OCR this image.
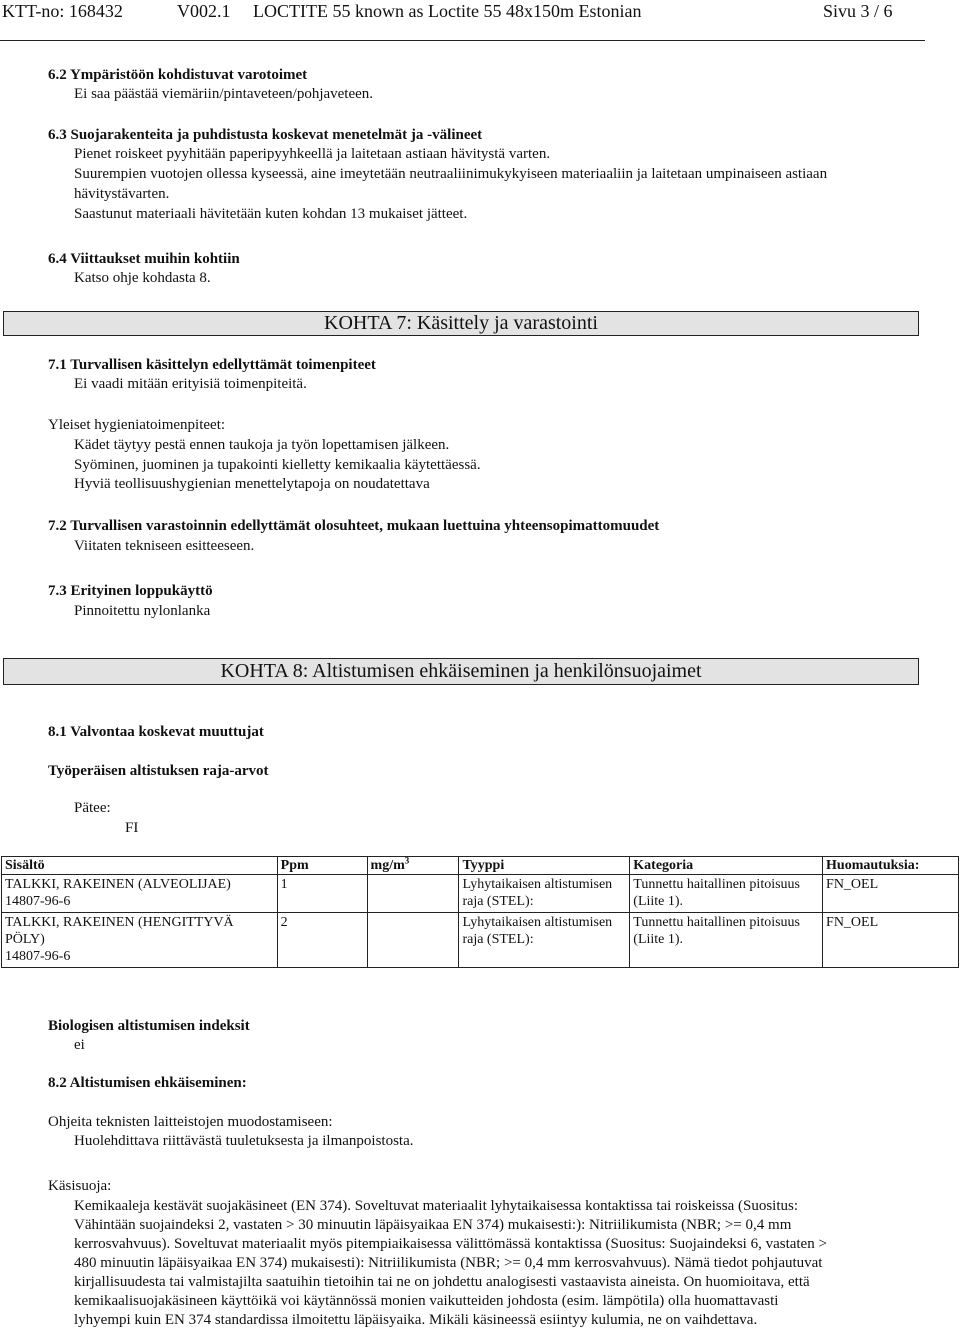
KTT-no: 168432	V002.1 LOCTITE 55 known as Loctite 55 48x150m Estonian	Sivu 3 / 6
6.2 Ympäristöön kohdistuvat varotoimet
Ei saa päästää viemäriin/pintaveteen/pohjaveteen.
6.3 Suojarakenteita ja puhdistusta koskevat menetelmät ja -välineet
Pienet roiskeet pyyhitään paperipyyhkeellä ja laitetaan astiaan hävitystä varten.
Suurempien vuotojen ollessa kyseessä, aine imeytetään neutraaliinimukykyiseen materiaaliin ja laitetaan umpinaiseen astiaan
hävitystävarten.
Saastunut materiaali hävitetään kuten kohdan 13 mukaiset jätteet.
6.4 Viittaukset muihin kohtiin
Katso ohje kohdasta 8.
KOHTA 7: Käsittely ja varastointi
7.1 Turvallisen käsittelyn edellyttämät toimenpiteet
Ei vaadi mitään erityisiä toimenpiteitä.
Yleiset hygieniatoimenpiteet:
Kädet täytyy pestä ennen taukoja ja työn lopettamisen jälkeen.
Syöminen, juominen ja tupakointi kielletty kemikaalia käytettäessä.
Hyviä teollisuushygienian menettelytapoja on noudatettava
7.2 Turvallisen varastoinnin edellyttämät olosuhteet, mukaan luettuina yhteensopimattomuudet
Viitaten tekniseen esitteeseen.
7.3 Erityinen loppukäyttö
Pinnoitettu nylonlanka
KOHTA 8: Altistumisen ehkäiseminen ja henkilönsuojaimet
8.1 Valvontaa koskevat muuttujat
Työperäisen altistuksen raja-arvot
Pätee:
FI
Sisältö	Ppm	$mg/m^3$	Tyyppi	Kategoria	Huomautuksia:

TALKKI, RAKEINEN (ALVEOLIJAE)
14807-96-6	1		Lyhytaikaisen altistumisen raja (STEL):	Tunnettu haitallinen pitoisuus (Liite 1).	FN_OEL

TALKKI, RAKEINEN (HENGITTYVÄ PÖLY)
14807-96-6	2		Lyhytaikaisen altistumisen raja (STEL):	Tunnettu haitallinen pitoisuus (Liite 1).	FN_OEL
Biologisen altistumisen indeksit
ei
8.2 Altistumisen ehkäiseminen:
Ohjeita teknisten laitteistojen muodostamiseen:
Huolehdittava riittävästä tuuletuksesta ja ilmanpoistosta.
Käsisuoja:
Kemikaaleja kestävät suojakäsineet (EN 374). Soveltuvat materiaalit lyhytaikaisessa kontaktissa tai roiskeissa (Suositus:
Vähintään suojaindeksi 2, vastaten > 30 minuutin läpäisyaikaa EN 374) mukaisesti:): Nitriilikumista (NBR; >= 0,4 mm
kerrosvahvuus). Soveltuvat materiaalit myös pitempiaikaisessa välittömässä kontaktissa (Suositus: Suojaindeksi 6, vastaten >
480 minuutin läpäisyaikaa EN 374) mukaisesti): Nitriilikumista (NBR; >= 0,4 mm kerrosvahvuus). Nämä tiedot pohjautuvat
kirjallisuudesta tai valmistajilta saatuihin tietoihin tai ne on johdettu analogisesti vastaavista aineista. On huomioitava, että
kemikaalisuojakäsineen käyttöikä voi käytännössä monien vaikutteiden johdosta (esim. lämpötila) olla huomattavasti
lyhyempi kuin EN 374 standardissa ilmoitettu läpäisyaika. Mikäli käsineessä esiintyy kulumia, ne on vaihdettava.
